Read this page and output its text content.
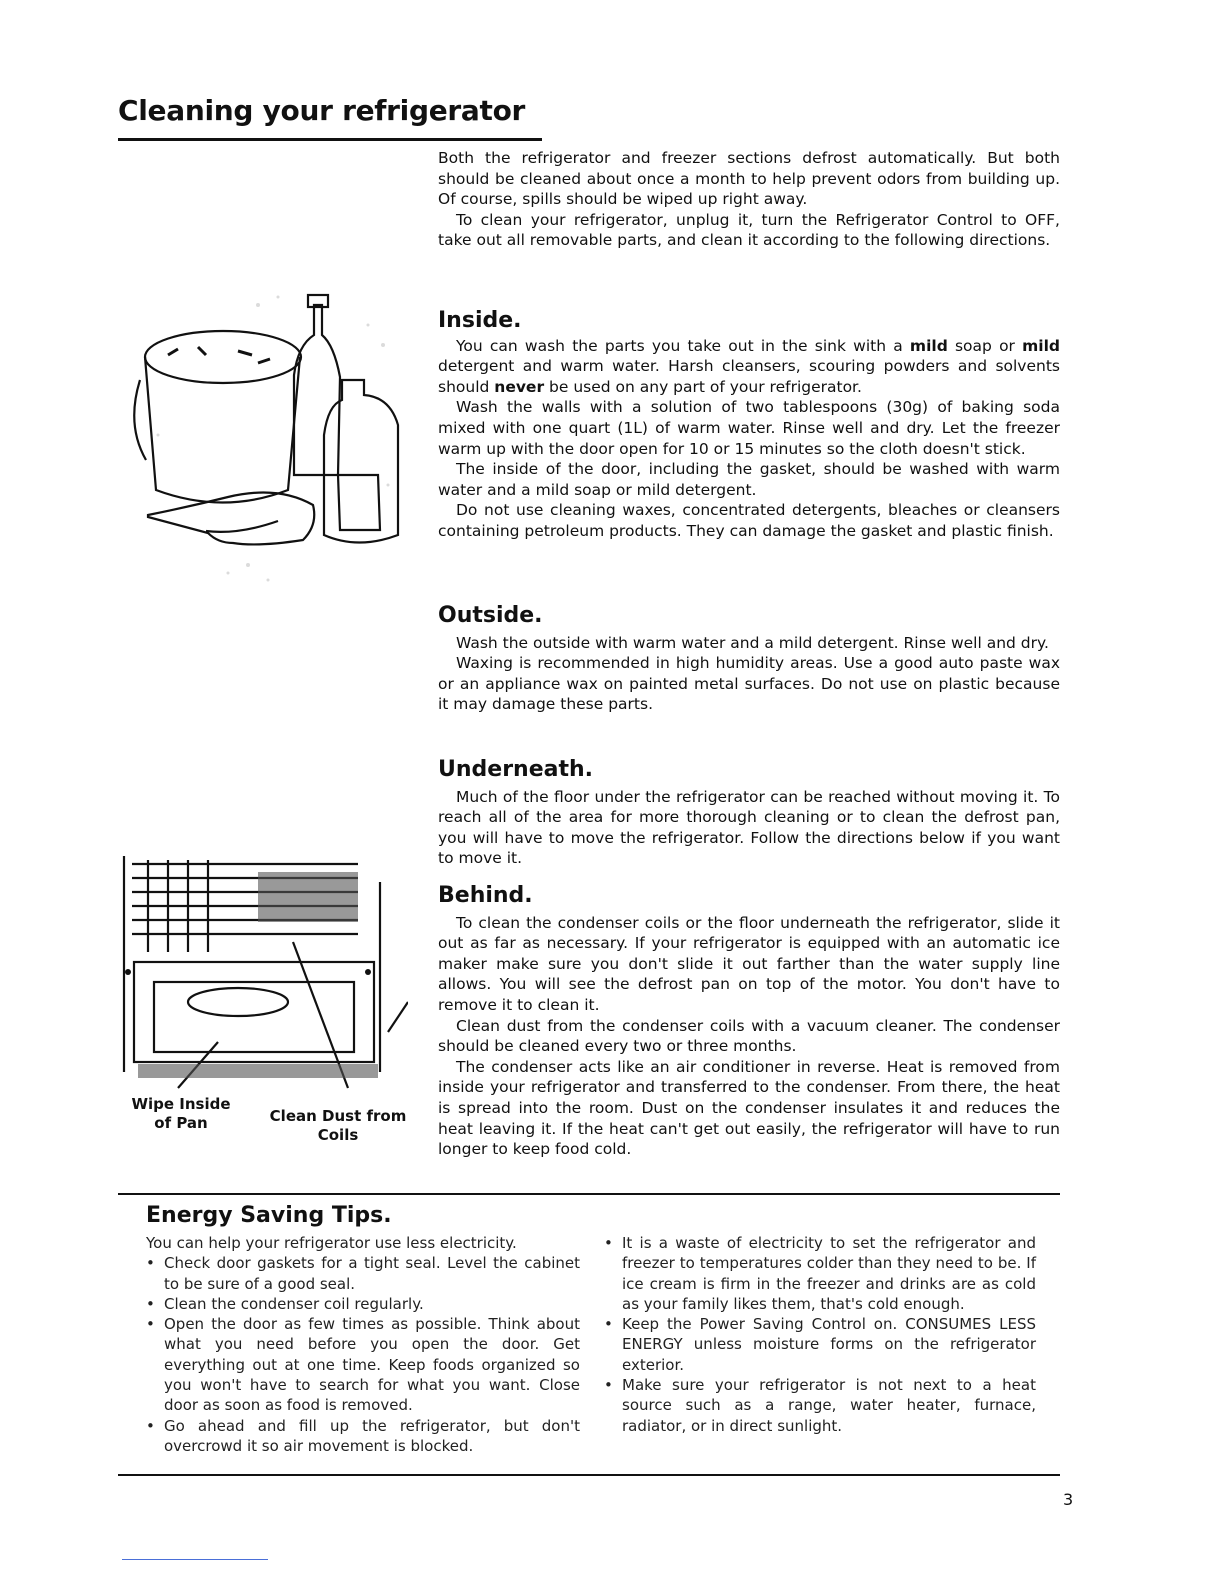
Cleaning your refrigerator
Wipe Inside
of Pan	Clean Dust from
Coils

Both the refrigerator and freezer sections defrost automatically. But both should be cleaned about once a month to help prevent odors from building up. Of course, spills should be wiped up right away.

To clean your refrigerator, unplug it, turn the Refrigerator Control to OFF, take out all removable parts, and clean it according to the following directions.

Inside.

You can wash the parts you take out in the sink with a mild soap or mild detergent and warm water. Harsh cleansers, scouring powders and solvents should never be used on any part of your refrigerator.

Wash the walls with a solution of two tablespoons (30g) of baking soda mixed with one quart (1L) of warm water. Rinse well and dry. Let the freezer warm up with the door open for 10 or 15 minutes so the cloth doesn't stick.

The inside of the door, including the gasket, should be washed with warm water and a mild soap or mild detergent.

Do not use cleaning waxes, concentrated detergents, bleaches or cleansers containing petroleum products. They can damage the gasket and plastic finish.

Outside.

Wash the outside with warm water and a mild detergent. Rinse well and dry.

Waxing is recommended in high humidity areas. Use a good auto paste wax or an appliance wax on painted metal surfaces. Do not use on plastic because it may damage these parts.

Underneath.

Much of the floor under the refrigerator can be reached without moving it. To reach all of the area for more thorough cleaning or to clean the defrost pan, you will have to move the refrigerator. Follow the directions below if you want to move it.

Behind.

To clean the condenser coils or the floor underneath the refrigerator, slide it out as far as necessary. If your refrigerator is equipped with an automatic ice maker make sure you don't slide it out farther than the water supply line allows. You will see the defrost pan on top of the motor. You don't have to remove it to clean it.

Clean dust from the condenser coils with a vacuum cleaner. The condenser should be cleaned every two or three months.

The condenser acts like an air conditioner in reverse. Heat is removed from inside your refrigerator and transferred to the condenser. From there, the heat is spread into the room. Dust on the condenser insulates it and reduces the heat leaving it. If the heat can't get out easily, the refrigerator will have to run longer to keep food cold.

Energy Saving Tips.

You can help your refrigerator use less electricity.

• Check door gaskets for a tight seal. Level the cabinet to be sure of a good seal.
• Clean the condenser coil regularly.
• Open the door as few times as possible. Think about what you need before you open the door. Get everything out at one time. Keep foods organized so you won't have to search for what you want. Close door as soon as food is removed.
• Go ahead and fill up the refrigerator, but don't overcrowd it so air movement is blocked.
• It is a waste of electricity to set the refrigerator and freezer to temperatures colder than they need to be. If ice cream is firm in the freezer and drinks are as cold as your family likes them, that's cold enough.
• Keep the Power Saving Control on. CONSUMES LESS ENERGY unless moisture forms on the refrigerator exterior.
• Make sure your refrigerator is not next to a heat source such as a range, water heater, furnace, radiator, or in direct sunlight.
3
